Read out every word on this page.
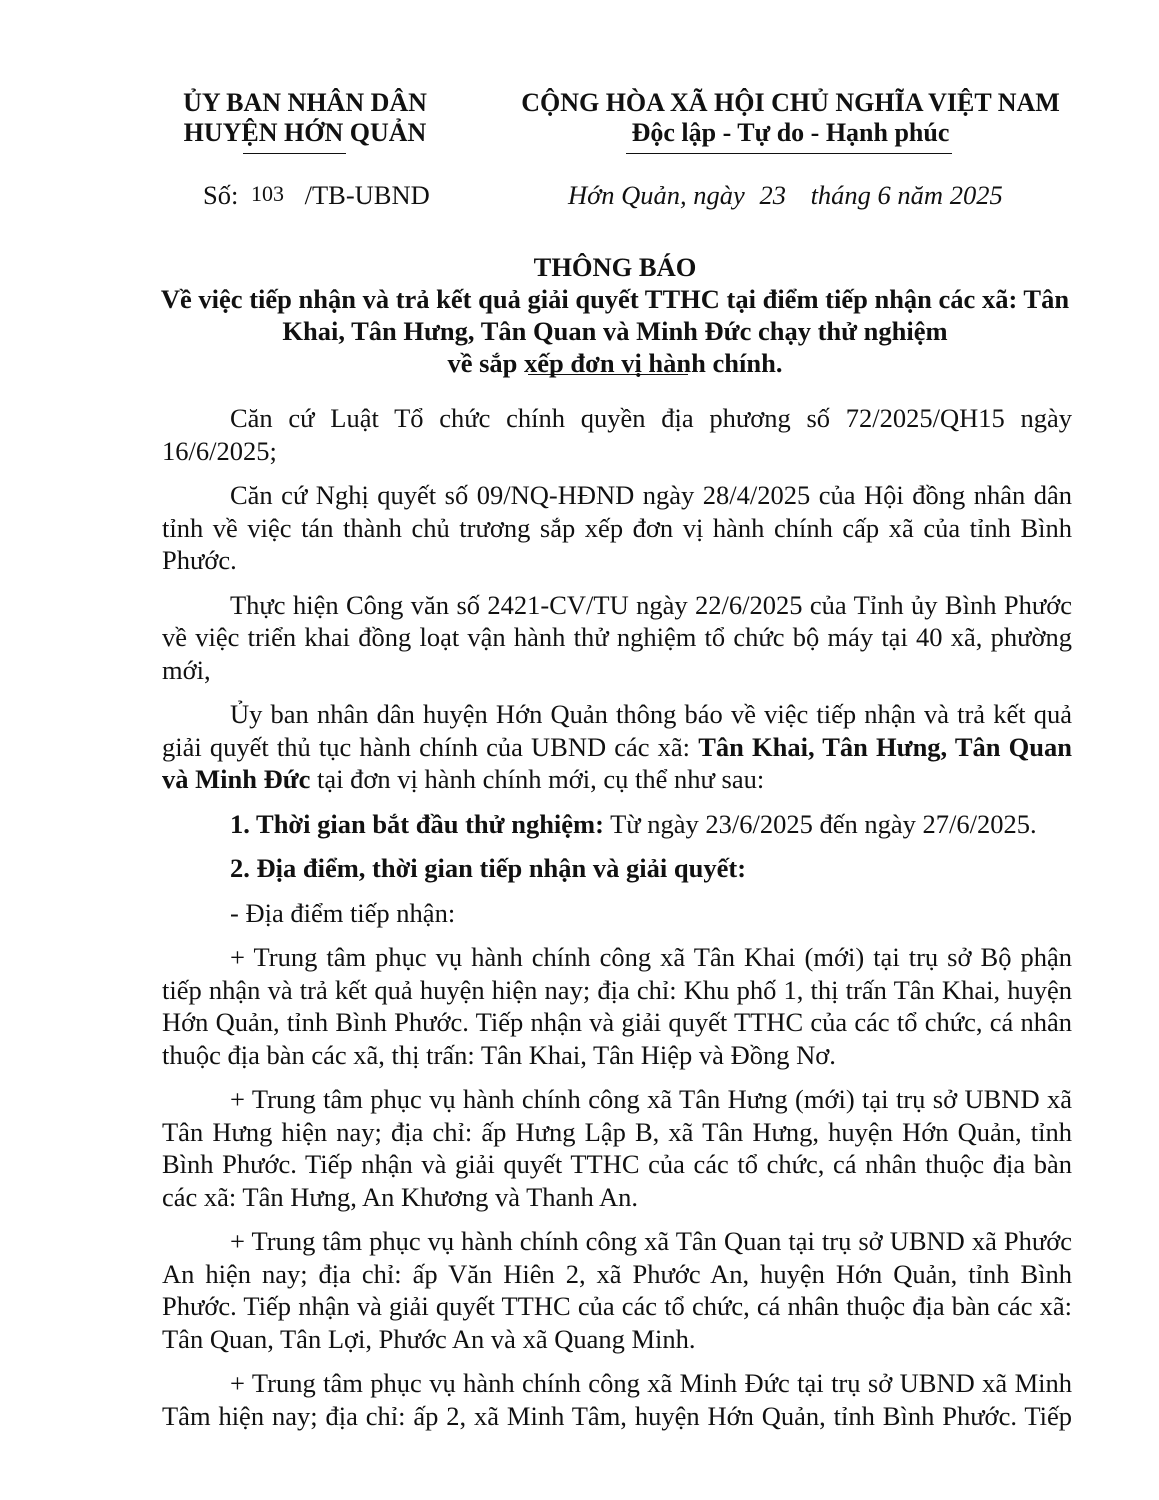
ỦY BAN NHÂN DÂN
HUYỆN HỚN QUẢN
CỘNG HÒA XÃ HỘI CHỦ NGHĨA VIỆT NAM
Độc lập - Tự do - Hạnh phúc
Số: 103 /TB-UBND	Hớn Quản, ngày 23 tháng 6 năm 2025
THÔNG BÁO
Về việc tiếp nhận và trả kết quả giải quyết TTHC tại điểm tiếp nhận các xã: Tân
Khai, Tân Hưng, Tân Quan và Minh Đức chạy thử nghiệm
về sắp xếp đơn vị hành chính.

Căn cứ Luật Tổ chức chính quyền địa phương số 72/2025/QH15 ngày 16/6/2025;

Căn cứ Nghị quyết số 09/NQ-HĐND ngày 28/4/2025 của Hội đồng nhân dân tỉnh về việc tán thành chủ trương sắp xếp đơn vị hành chính cấp xã của tỉnh Bình Phước.

Thực hiện Công văn số 2421-CV/TU ngày 22/6/2025 của Tỉnh ủy Bình Phước về việc triển khai đồng loạt vận hành thử nghiệm tổ chức bộ máy tại 40 xã, phường mới,

Ủy ban nhân dân huyện Hớn Quản thông báo về việc tiếp nhận và trả kết quả giải quyết thủ tục hành chính của UBND các xã: Tân Khai, Tân Hưng, Tân Quan và Minh Đức tại đơn vị hành chính mới, cụ thể như sau:

1. Thời gian bắt đầu thử nghiệm: Từ ngày 23/6/2025 đến ngày 27/6/2025.

2. Địa điểm, thời gian tiếp nhận và giải quyết:

- Địa điểm tiếp nhận:

+ Trung tâm phục vụ hành chính công xã Tân Khai (mới) tại trụ sở Bộ phận tiếp nhận và trả kết quả huyện hiện nay; địa chỉ: Khu phố 1, thị trấn Tân Khai, huyện Hớn Quản, tỉnh Bình Phước. Tiếp nhận và giải quyết TTHC của các tổ chức, cá nhân thuộc địa bàn các xã, thị trấn: Tân Khai, Tân Hiệp và Đồng Nơ.

+ Trung tâm phục vụ hành chính công xã Tân Hưng (mới) tại trụ sở UBND xã Tân Hưng hiện nay; địa chỉ: ấp Hưng Lập B, xã Tân Hưng, huyện Hớn Quản, tỉnh Bình Phước. Tiếp nhận và giải quyết TTHC của các tổ chức, cá nhân thuộc địa bàn các xã: Tân Hưng, An Khương và Thanh An.

+ Trung tâm phục vụ hành chính công xã Tân Quan tại trụ sở UBND xã Phước An hiện nay; địa chỉ: ấp Văn Hiên 2, xã Phước An, huyện Hớn Quản, tỉnh Bình Phước. Tiếp nhận và giải quyết TTHC của các tổ chức, cá nhân thuộc địa bàn các xã: Tân Quan, Tân Lợi, Phước An và xã Quang Minh.

+ Trung tâm phục vụ hành chính công xã Minh Đức tại trụ sở UBND xã Minh Tâm hiện nay; địa chỉ: ấp 2, xã Minh Tâm, huyện Hớn Quản, tỉnh Bình Phước. Tiếp
